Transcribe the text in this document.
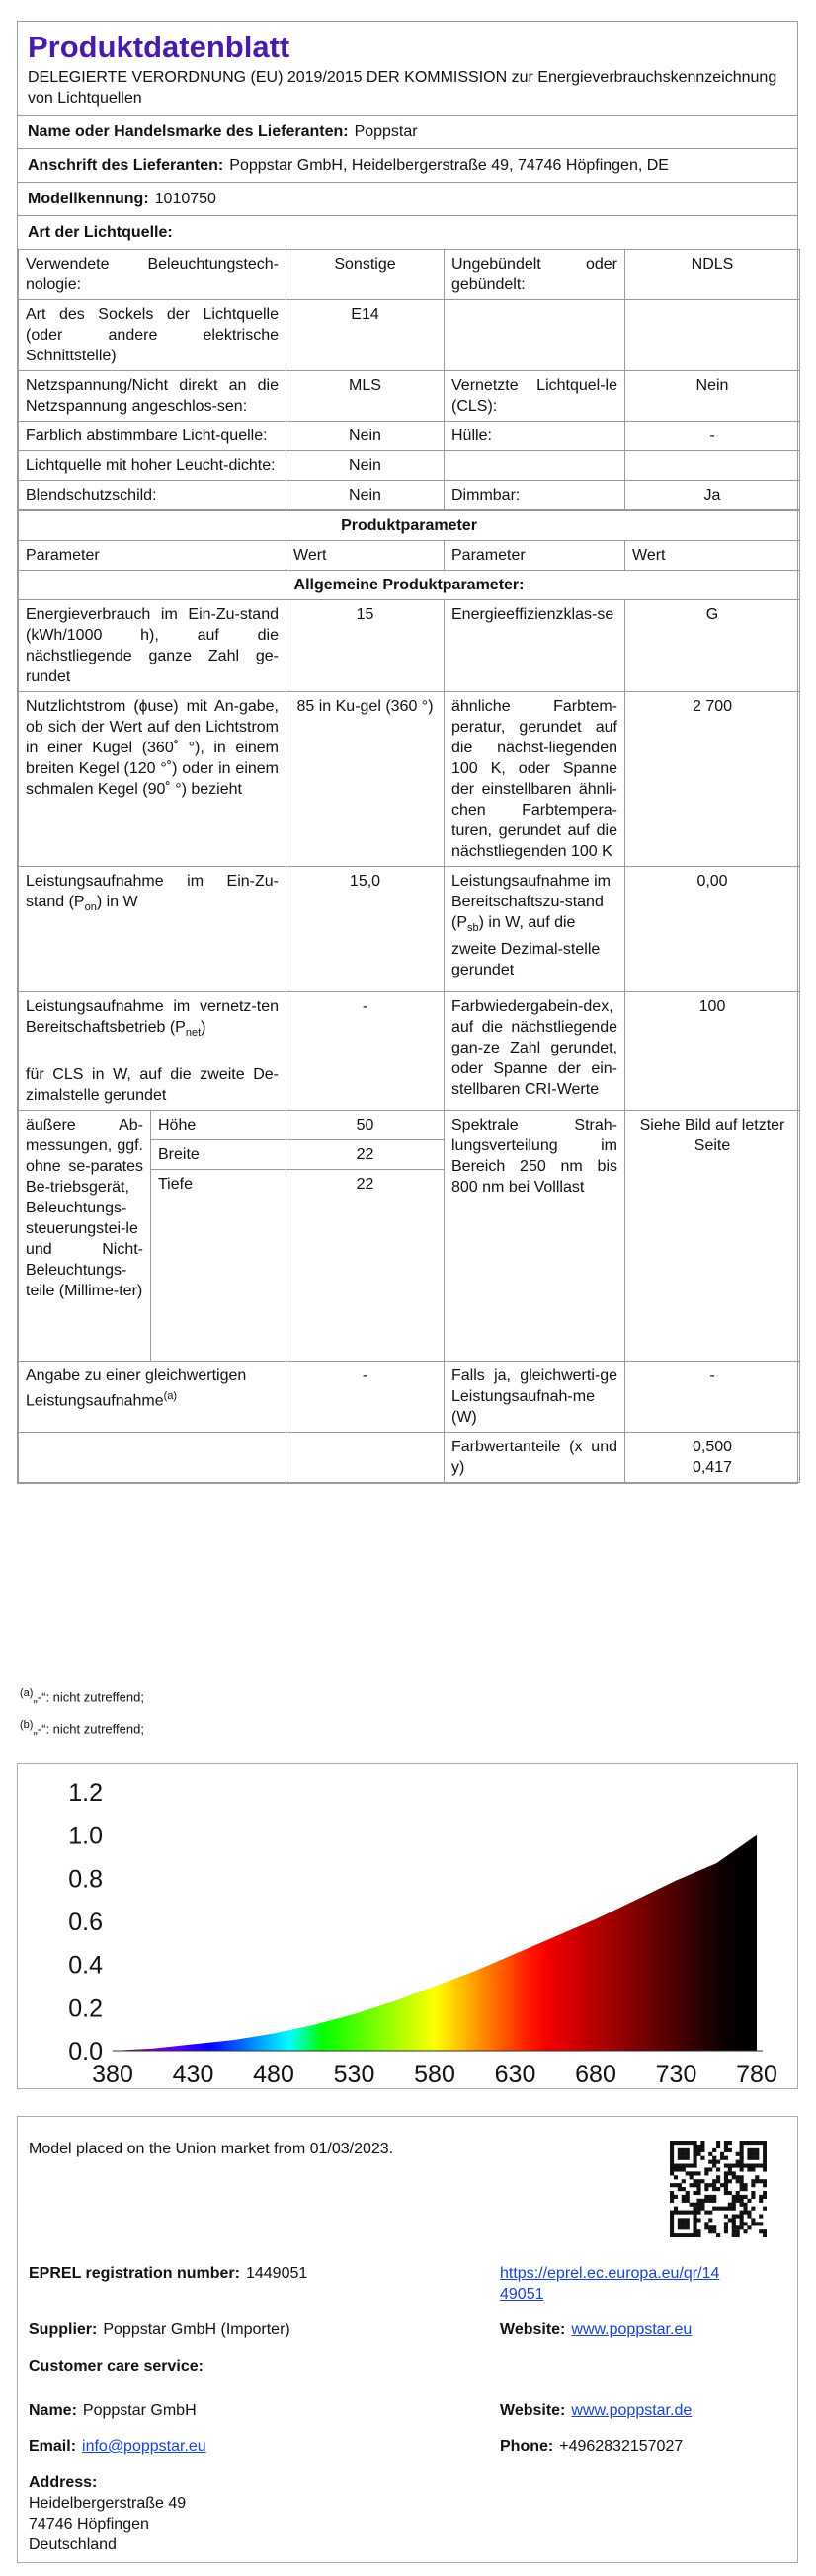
Produktdatenblatt
DELEGIERTE VERORDNUNG (EU) 2019/2015 DER KOMMISSION zur Energieverbrauchskennzeichnung von Lichtquellen
Name oder Handelsmarke des Lieferanten: Poppstar
Anschrift des Lieferanten: Poppstar GmbH, Heidelbergerstraße 49, 74746 Höpfingen, DE
Modellkennung: 1010750
Art der Lichtquelle:
Verwendete Beleuchtungstech-nologie:	Sonstige	Ungebündelt oder gebündelt:	NDLS
Art des Sockels der Lichtquelle (oder andere elektrische Schnittstelle)	E14		
Netzspannung/Nicht direkt an die Netzspannung angeschlos-sen:	MLS	Vernetzte Lichtquel-le (CLS):	Nein
Farblich abstimmbare Licht-quelle:	Nein	Hülle:	-
Lichtquelle mit hoher Leucht-dichte:	Nein		
Blendschutzschild:	Nein	Dimmbar:	Ja
Produktparameter				
Parameter		Wert	Parameter	Wert
Allgemeine Produktparameter:				
Energieverbrauch im Ein-Zu-stand (kWh/1000 h), auf die nächstliegende ganze Zahl ge-rundet		15	Energieeffizienzklas-se	G
Nutzlichtstrom (ɸuse) mit An-gabe, ob sich der Wert auf den Lichtstrom in einer Kugel (360˚ °), in einem breiten Kegel (120 °˚) oder in einem schmalen Kegel (90˚ °) bezieht		85 in Ku-gel (360 °)	ähnliche Farbtem-peratur, gerundet auf die nächst-liegenden 100 K, oder Spanne der einstellbaren ähnli-chen Farbtempera-turen, gerundet auf die nächstliegenden 100 K	2 700
Leistungsaufnahme im Ein-Zu-stand $(P_{on})$ in W		15,0	Leistungsaufnahme im Bereitschaftszu-stand $(P_{sb})$ in W, auf die zweite Dezimal-stelle gerundet	0,00
Leistungsaufnahme im vernetz-ten Bereitschaftsbetrieb $(P_{net})$

für CLS in W, auf die zweite De-zimalstelle gerundet		-	Farbwiedergabein-dex, auf die nächstliegende gan-ze Zahl gerundet, oder Spanne der ein-stellbaren CRI-Werte	100
äußere Ab-messungen, ggf. ohne se-parates Be-triebsgerät, Beleuchtungs-steuerungstei-le und Nicht-Beleuchtungs-teile (Millime-ter)	Höhe	50	Spektrale Strah-lungsverteilung im Bereich 250 nm bis 800 nm bei Volllast	Siehe Bild auf letzter Seite
	Breite	22		
	Tiefe	22		
Angabe zu einer gleichwertigen Leistungsaufnahme$^{(a)}$		-	Falls ja, gleichwerti-ge Leistungsaufnah-me (W)	-
			Farbwertanteile (x und y)	0,500
0,417
$^{(a)}$„-“: nicht zutreffend;
$^{(b)}$„-“: nicht zutreffend;
0.0
0.2
0.4
0.6
0.8
1.0
1.2
380 430 480 530 580 630 680 730 780
Model placed on the Union market from 01/03/2023.
EPREL registration number: 1449051	https://eprel.ec.europa.eu/qr/14
49051
Supplier: Poppstar GmbH (Importer)	Website: www.poppstar.eu
Customer care service:
Name: Poppstar GmbH	Website: www.poppstar.de
Email: info@poppstar.eu	Phone: +4962832157027
Address:
Heidelbergerstraße 49
74746 Höpfingen
Deutschland
